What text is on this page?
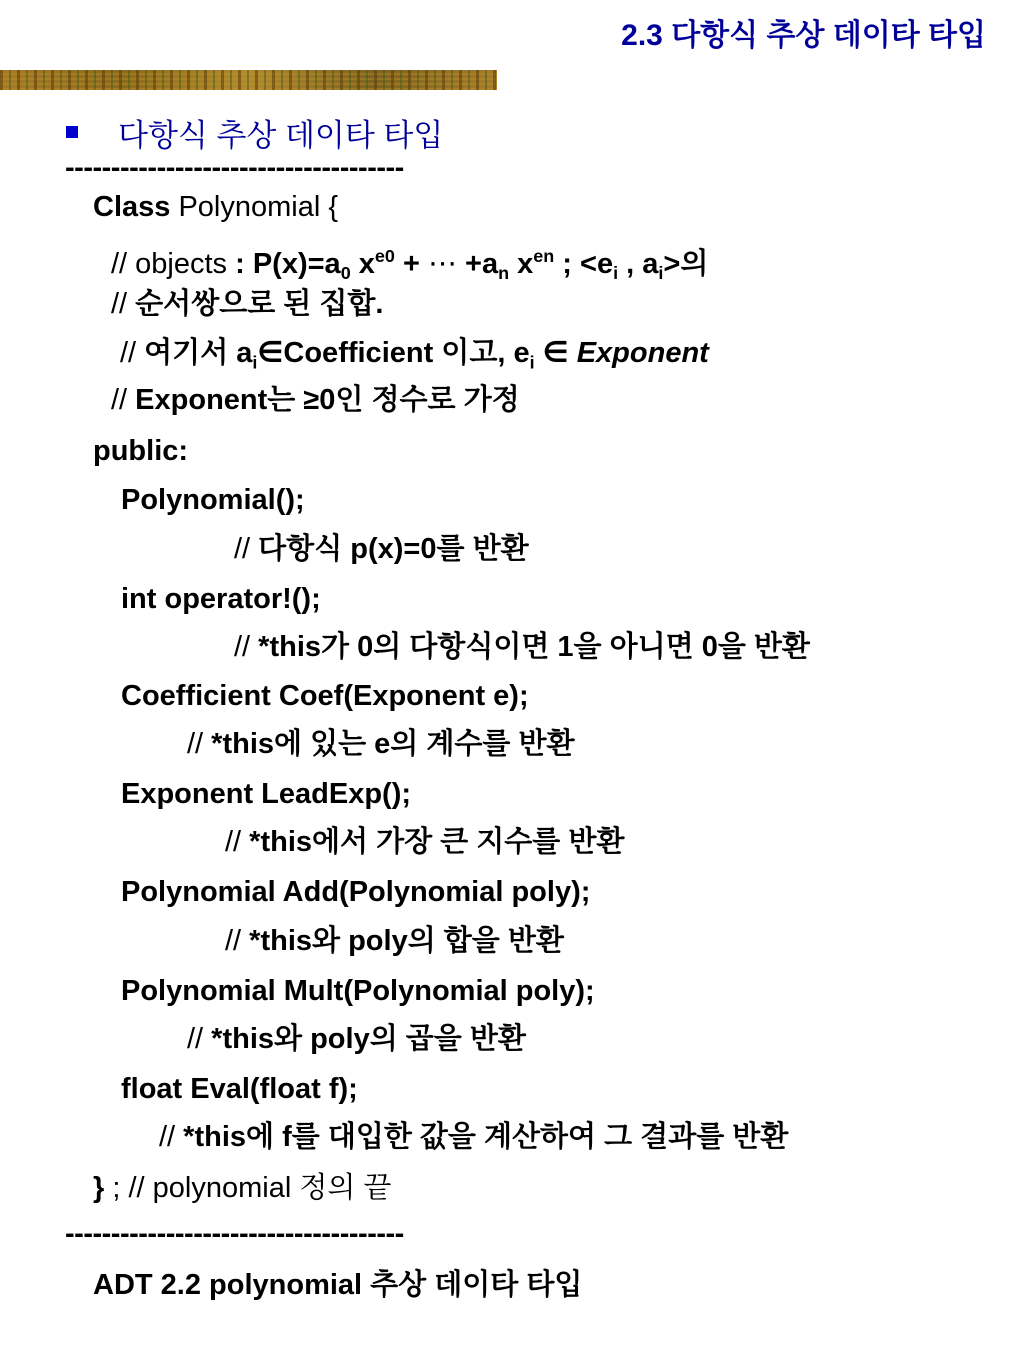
2.3 다항식 추상 데이타 타입
다항식 추상 데이타 타입
-------------------------------------
Class Polynomial {
// objects : $P(x)=a_0$ $x^{e0}$ + ⋯ $+a_n$ $x^{en}$ ; $<e_i$ , $a_i>$의
// 순서쌍으로 된 집합.
// 여기서 $a_i\in Coefficient$ 이고, $e_i$ ∈ Exponent
// Exponent는 ≥0인 정수로 가정
public:
Polynomial();
// 다항식 p(x)=0를 반환
int operator!();
// *this가 0의 다항식이면 1을 아니면 0을 반환
Coefficient Coef(Exponent e);
// *this에 있는 e의 계수를 반환
Exponent LeadExp();
// *this에서 가장 큰 지수를 반환
Polynomial Add(Polynomial poly);
// *this와 poly의 합을 반환
Polynomial Mult(Polynomial poly);
// *this와 poly의 곱을 반환
float Eval(float f);
// *this에 f를 대입한 값을 계산하여 그 결과를 반환
} ; // polynomial 정의 끝
-------------------------------------
ADT 2.2 polynomial 추상 데이타 타입
